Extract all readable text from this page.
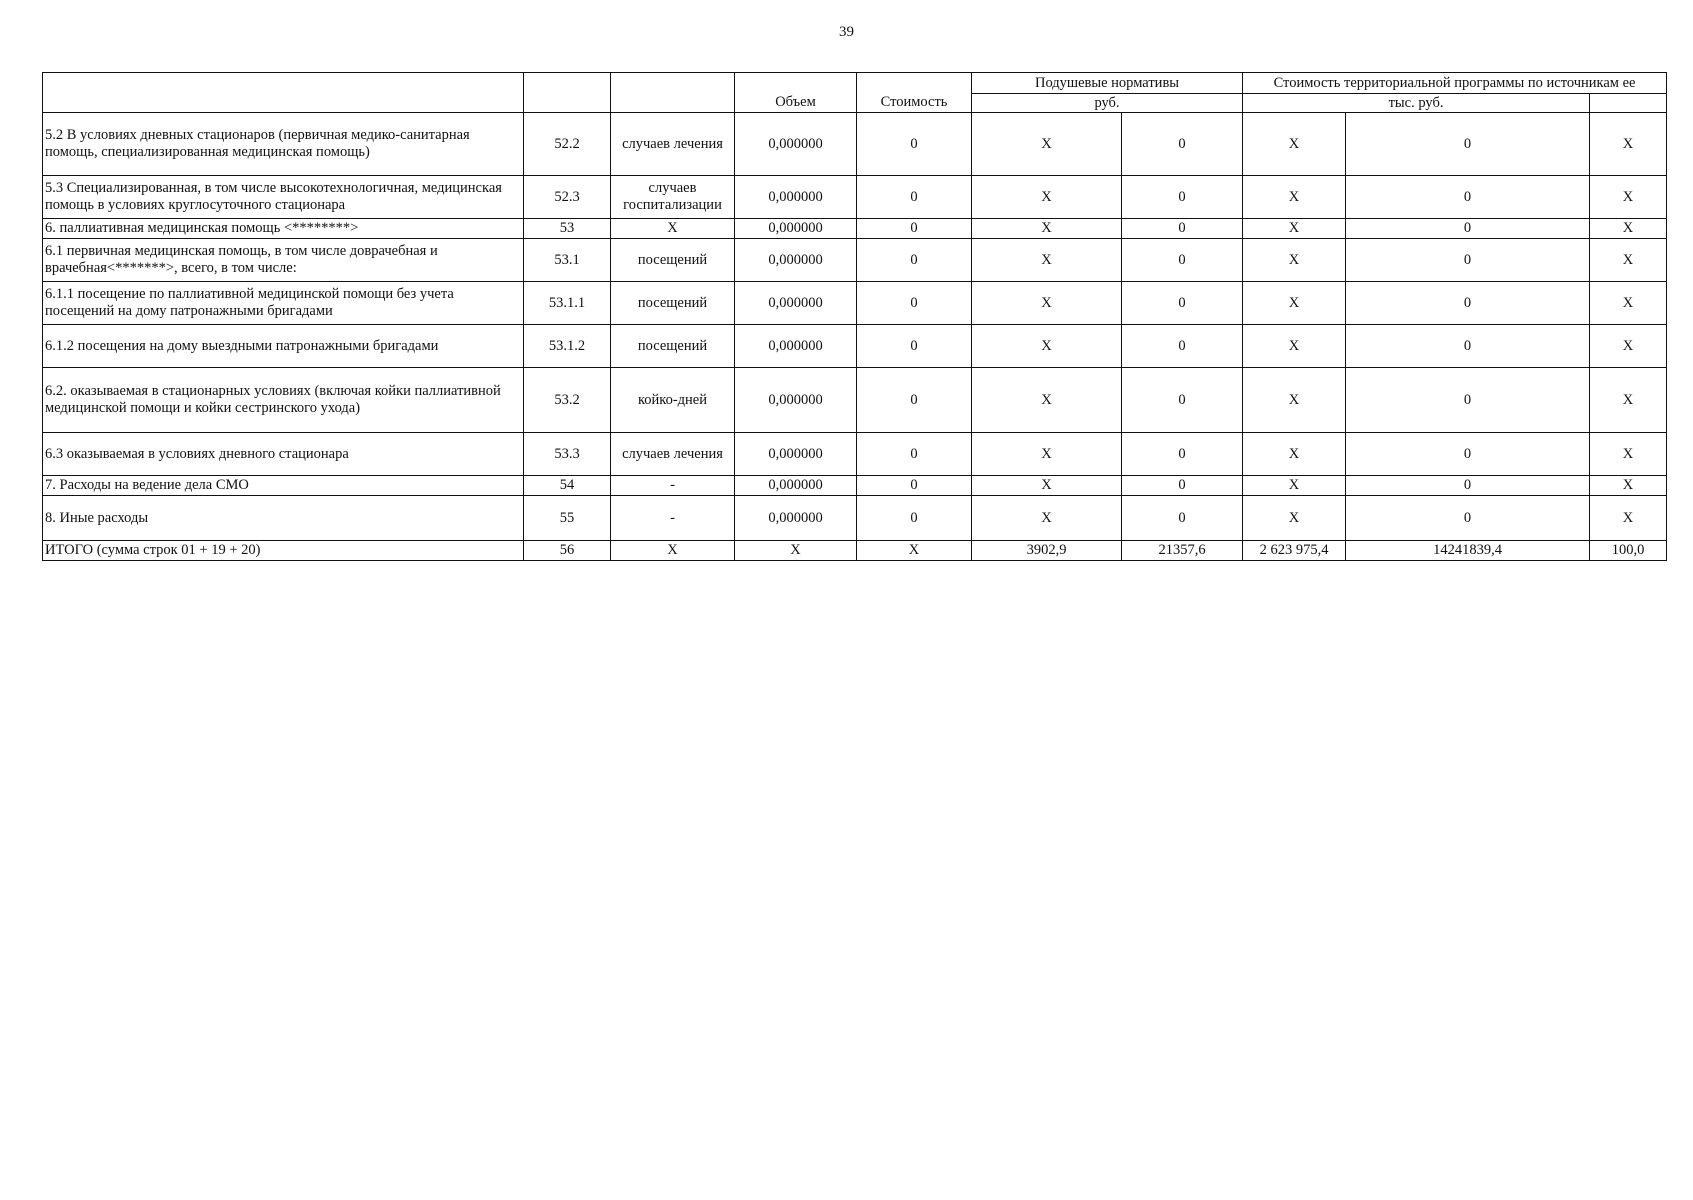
39
			Объем	Стоимость	Подушевые нормативы		Стоимость территориальной программы по источникам ее		
					руб.		тыс. руб.		
5.2 В условиях дневных стационаров (первичная медико-санитарная помощь, специализированная медицинская помощь)	52.2	случаев лечения	0,000000	0	X	0	X	0	X
5.3 Специализированная, в том числе высокотехнологичная, медицинская помощь в условиях круглосуточного стационара	52.3	случаев госпитализации	0,000000	0	X	0	X	0	X
6. паллиативная медицинская помощь <********>	53	X	0,000000	0	X	0	X	0	X
6.1 первичная медицинская помощь, в том числе доврачебная и врачебная<*******>, всего, в том числе:	53.1	посещений	0,000000	0	X	0	X	0	X
6.1.1 посещение по паллиативной медицинской помощи без учета посещений на дому патронажными бригадами	53.1.1	посещений	0,000000	0	X	0	X	0	X
6.1.2 посещения на дому выездными патронажными бригадами	53.1.2	посещений	0,000000	0	X	0	X	0	X
6.2. оказываемая в стационарных условиях (включая койки паллиативной медицинской помощи и койки сестринского ухода)	53.2	койко-дней	0,000000	0	X	0	X	0	X
6.3 оказываемая в условиях дневного стационара	53.3	случаев лечения	0,000000	0	X	0	X	0	X
7. Расходы на ведение дела СМО	54	-	0,000000	0	X	0	X	0	X
8. Иные расходы	55	-	0,000000	0	X	0	X	0	X
ИТОГО (сумма строк 01 + 19 + 20)	56	X	X	X	3902,9	21357,6	2 623 975,4	14241839,4	100,0
